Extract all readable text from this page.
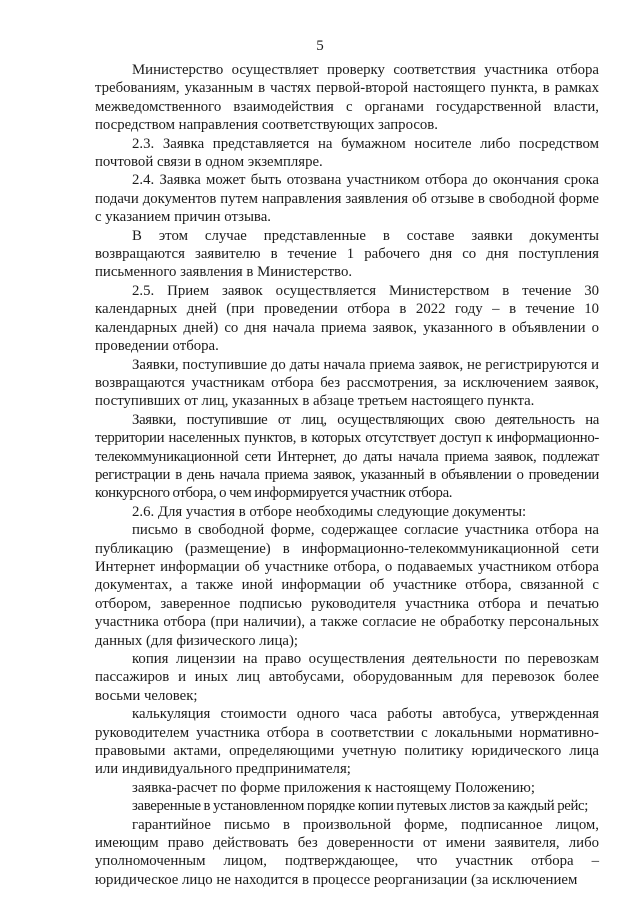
5

Министерство осуществляет проверку соответствия участника отбора требованиям, указанным в частях первой-второй настоящего пункта, в рамках межведомственного взаимодействия с органами государственной власти, посредством направления соответствующих запросов.

2.3. Заявка представляется на бумажном носителе либо посредством почтовой связи в одном экземпляре.

2.4. Заявка может быть отозвана участником отбора до окончания срока подачи документов путем направления заявления об отзыве в свободной форме с указанием причин отзыва.

В этом случае представленные в составе заявки документы возвращаются заявителю в течение 1 рабочего дня со дня поступления письменного заявления в Министерство.

2.5. Прием заявок осуществляется Министерством в течение 30 календарных дней (при проведении отбора в 2022 году – в течение 10 календарных дней) со дня начала приема заявок, указанного в объявлении о проведении отбора.

Заявки, поступившие до даты начала приема заявок, не регистрируются и возвращаются участникам отбора без рассмотрения, за исключением заявок, поступивших от лиц, указанных в абзаце третьем настоящего пункта.

Заявки, поступившие от лиц, осуществляющих свою деятельность на территории населенных пунктов, в которых отсутствует доступ к информационно-телекоммуникационной сети Интернет, до даты начала приема заявок, подлежат регистрации в день начала приема заявок, указанный в объявлении о проведении конкурсного отбора, о чем информируется участник отбора.

2.6. Для участия в отборе необходимы следующие документы:

письмо в свободной форме, содержащее согласие участника отбора на публикацию (размещение) в информационно-телекоммуникационной сети Интернет информации об участнике отбора, о подаваемых участником отбора документах, а также иной информации об участнике отбора, связанной с отбором, заверенное подписью руководителя участника отбора и печатью участника отбора (при наличии), а также согласие не обработку персональных данных (для физического лица);

копия лицензии на право осуществления деятельности по перевозкам пассажиров и иных лиц автобусами, оборудованным для перевозок более восьми человек;

калькуляция стоимости одного часа работы автобуса, утвержденная руководителем участника отбора в соответствии с локальными нормативно-правовыми актами, определяющими учетную политику юридического лица или индивидуального предпринимателя;

заявка-расчет по форме приложения к настоящему Положению;

заверенные в установленном порядке копии путевых листов за каждый рейс;

гарантийное письмо в произвольной форме, подписанное лицом, имеющим право действовать без доверенности от имени заявителя, либо уполномоченным лицом, подтверждающее, что участник отбора – юридическое лицо не находится в процессе реорганизации (за исключением
